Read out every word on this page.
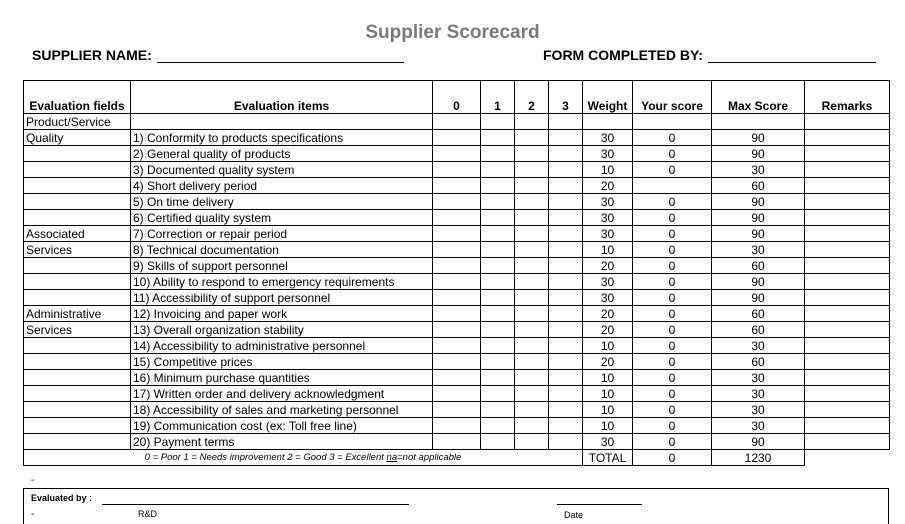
Supplier Scorecard
SUPPLIER NAME:	FORM COMPLETED BY:
Evaluation fields	Evaluation items	0	1	2	3	Weight	Your score	Max Score	Remarks
Product/Service									
Quality	1) Conformity to products specifications					30	0	90	
	2) General quality of products					30	0	90	
	3) Documented quality system					10	0	30	
	4) Short delivery period					20		60	
	5) On time delivery					30	0	90	
	6) Certified quality system					30	0	90	
Associated	7) Correction or repair period					30	0	90	
Services	8) Technical documentation					10	0	30	
	9) Skills of support personnel					20	0	60	
	10) Ability to respond to emergency requirements					30	0	90	
	11) Accessibility of support personnel					30	0	90	
Administrative	12) Invoicing and paper work					20	0	60	
Services	13) Overall organization stability					20	0	60	
	14) Accessibility to administrative personnel					10	0	30	
	15) Competitive prices					20	0	60	
	16) Minimum purchase quantities					10	0	30	
	17) Written order and delivery acknowledgment					10	0	30	
	18) Accessibility of sales and marketing personnel					10	0	30	
	19) Communication cost (ex: Toll free line)					10	0	30	
	20) Payment terms					30	0	90	
0 = Poor 1 = Needs improvement 2 = Good 3 = Excellent na=not applicable						TOTAL	0	1230	
-
Evaluated by :
-	R&D	Date
